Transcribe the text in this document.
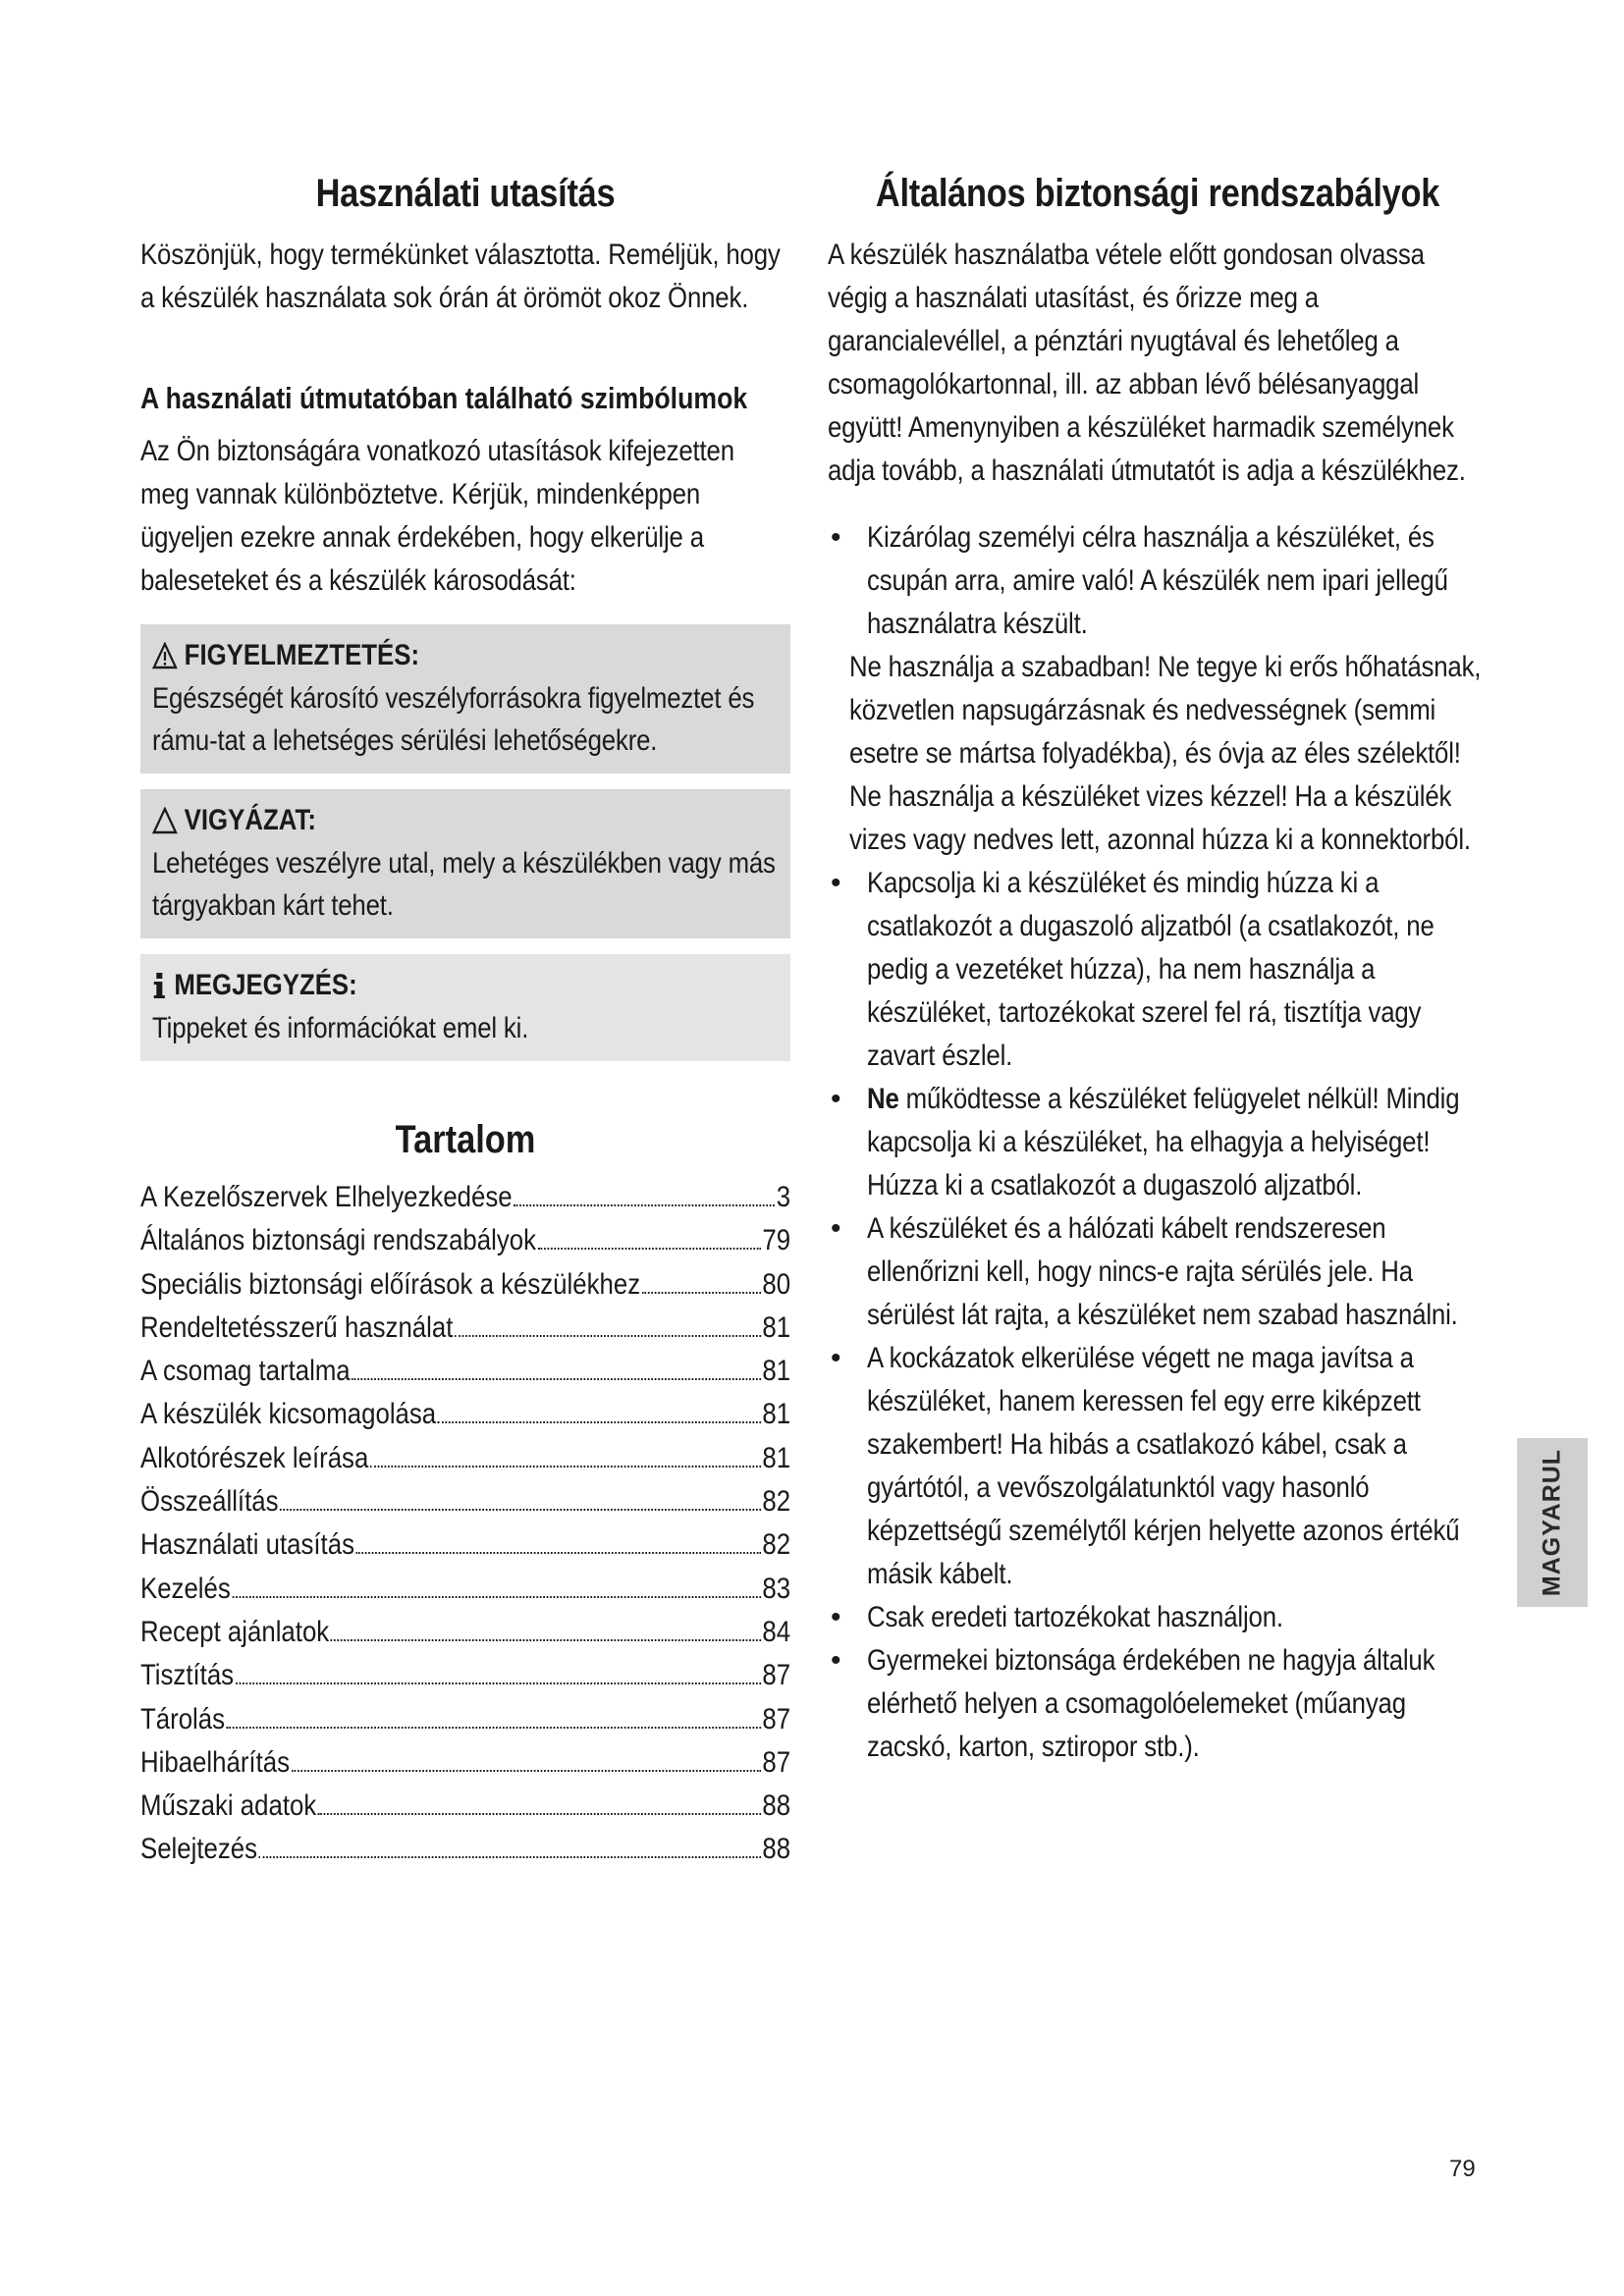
Használati utasítás

Köszönjük, hogy termékünket választotta. Reméljük, hogy a készülék használata sok órán át örömöt okoz Önnek.

A használati útmutatóban található szimbólumok

Az Ön biztonságára vonatkozó utasítások kifejezetten meg vannak különböztetve. Kérjük, mindenképpen ügyeljen ezekre annak érdekében, hogy elkerülje a baleseteket és a készülék károsodását:

FIGYELMEZTETÉS:

Egészségét károsító veszélyforrásokra figyelmeztet és rámu-tat a lehetséges sérülési lehetőségekre.

VIGYÁZAT:

Lehetéges veszélyre utal, mely a készülékben vagy más tárgyakban kárt tehet.

MEGJEGYZÉS:

Tippeket és információkat emel ki.

Tartalom
A Kezelőszervek Elhelyezkedése	3
Általános biztonsági rendszabályok	79
Speciális biztonsági előírások a készülékhez	80
Rendeltetésszerű használat	81
A csomag tartalma	81
A készülék kicsomagolása	81
Alkotórészek leírása	81
Összeállítás	82
Használati utasítás	82
Kezelés	83
Recept ajánlatok	84
Tisztítás	87
Tárolás	87
Hibaelhárítás	87
Műszaki adatok	88
Selejtezés	88
Általános biztonsági rendszabályok

A készülék használatba vétele előtt gondosan olvassa végig a használati utasítást, és őrizze meg a garancialevéllel, a pénztári nyugtával és lehetőleg a csomagolókartonnal, ill. az abban lévő bélésanyaggal együtt! Amenynyiben a készüléket harmadik személynek adja tovább, a használati útmutatót is adja a készülékhez.

• Kizárólag személyi célra használja a készüléket, és csupán arra, amire való! A készülék nem ipari jellegű használatra készült.

Ne használja a szabadban! Ne tegye ki erős hőhatásnak, közvetlen napsugárzásnak és nedvességnek (semmi esetre se mártsa folyadékba), és óvja az éles szélektől! Ne használja a készüléket vizes kézzel! Ha a készülék vizes vagy nedves lett, azonnal húzza ki a konnektorból.

• Kapcsolja ki a készüléket és mindig húzza ki a csatlakozót a dugaszoló aljzatból (a csatlakozót, ne pedig a vezetéket húzza), ha nem használja a készüléket, tartozékokat szerel fel rá, tisztítja vagy zavart észlel.

• Ne működtesse a készüléket felügyelet nélkül! Mindig kapcsolja ki a készüléket, ha elhagyja a helyiséget! Húzza ki a csatlakozót a dugaszoló aljzatból.

• A készüléket és a hálózati kábelt rendszeresen ellenőrizni kell, hogy nincs-e rajta sérülés jele. Ha sérülést lát rajta, a készüléket nem szabad használni.

• A kockázatok elkerülése végett ne maga javítsa a készüléket, hanem keressen fel egy erre kiképzett szakembert! Ha hibás a csatlakozó kábel, csak a gyártótól, a vevőszolgálatunktól vagy hasonló képzettségű személytől kérjen helyette azonos értékű másik kábelt.

• Csak eredeti tartozékokat használjon.

• Gyermekei biztonsága érdekében ne hagyja általuk elérhető helyen a csomagolóelemeket (műanyag zacskó, karton, sztiropor stb.).

MAGYARUL
79
